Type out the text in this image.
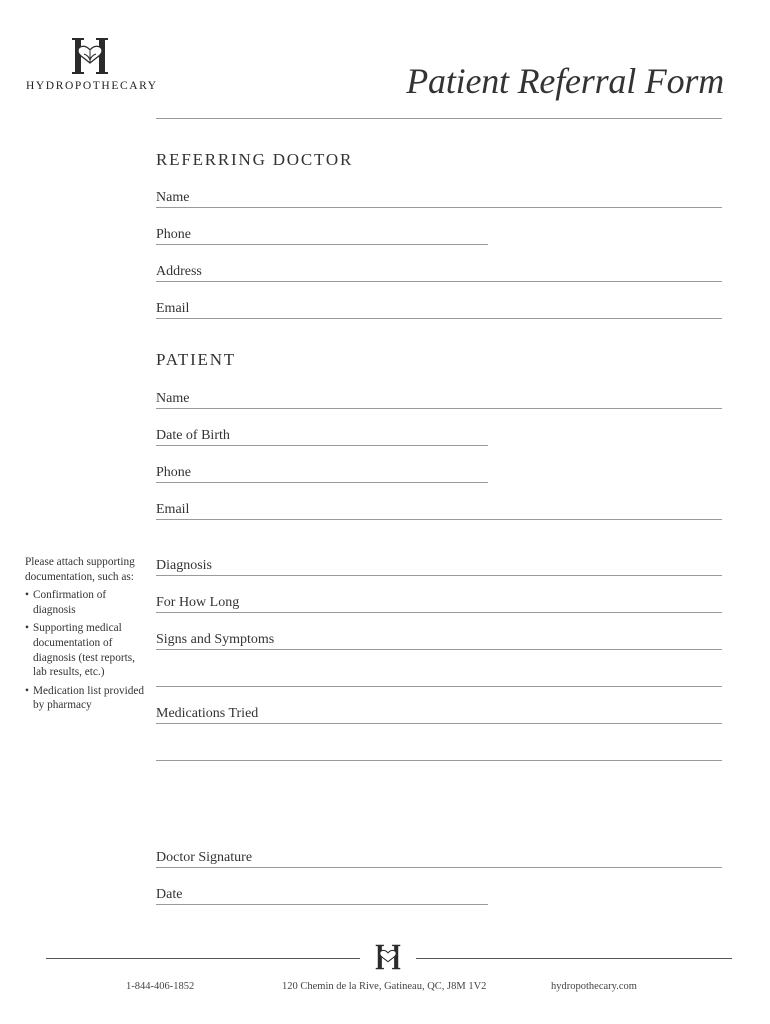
HYDROPOTHECARY	Patient Referral Form
REFERRING DOCTOR
Name
Phone
Address
Email
PATIENT
Name
Date of Birth
Phone
Email

Please attach supporting documentation, such as:

• Confirmation of diagnosis
• Supporting medical documentation of diagnosis (test reports, lab results, etc.)
• Medication list provided by pharmacy
Diagnosis
For How Long
Signs and Symptoms
Medications Tried
Doctor Signature
Date
1-844-406-1852	120 Chemin de la Rive, Gatineau, QC, J8M 1V2	hydropothecary.com
